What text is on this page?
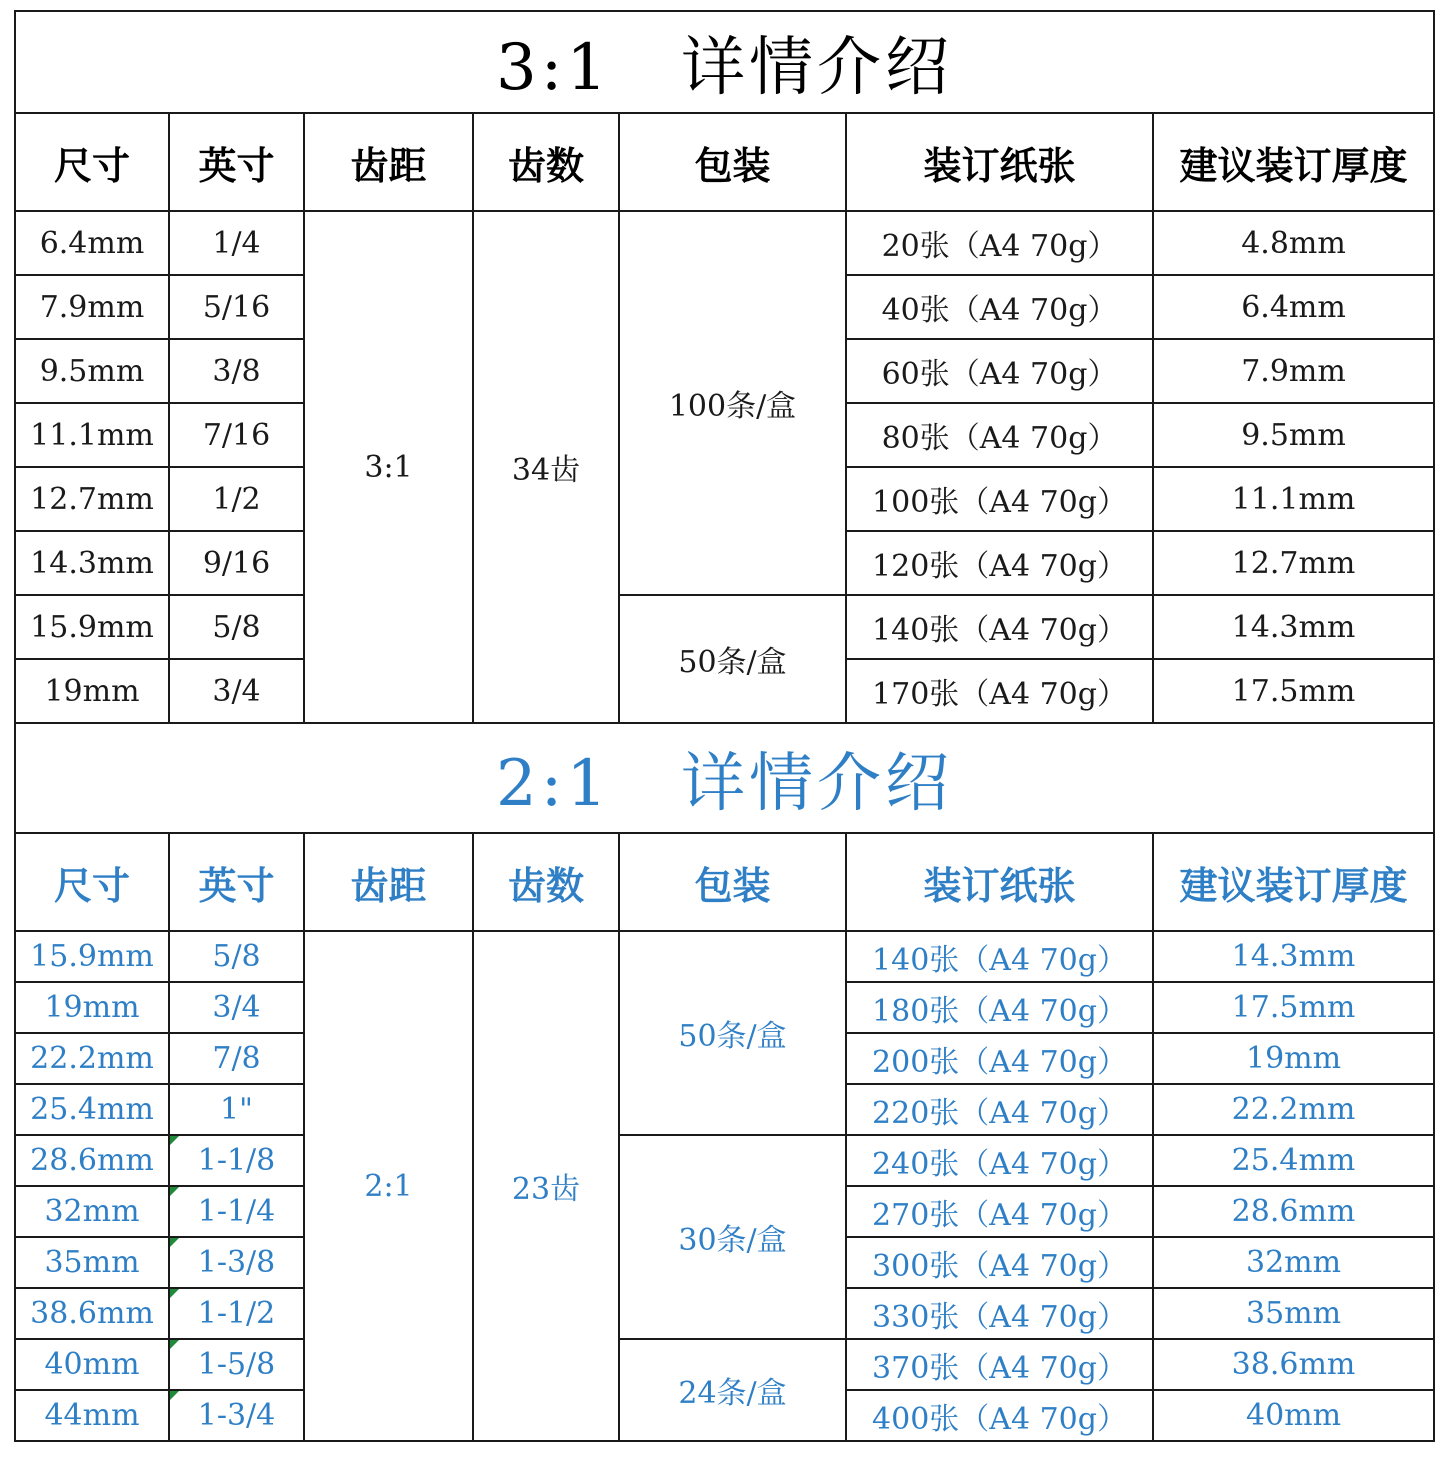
3:1 详情介绍						
尺寸	英寸	齿距	齿数	包装	装订纸张	建议装订厚度
6.4mm	1/4	3:1	34齿	100条/盒	20张（A4 70g）	4.8mm
7.9mm	5/16				40张（A4 70g）	6.4mm
9.5mm	3/8				60张（A4 70g）	7.9mm
11.1mm	7/16				80张（A4 70g）	9.5mm
12.7mm	1/2				100张（A4 70g）	11.1mm
14.3mm	9/16				120张（A4 70g）	12.7mm
15.9mm	5/8			50条/盒	140张（A4 70g）	14.3mm
19mm	3/4				170张（A4 70g）	17.5mm
2:1 详情介绍						
尺寸	英寸	齿距	齿数	包装	装订纸张	建议装订厚度
15.9mm	5/8	2:1	23齿	50条/盒	140张（A4 70g）	14.3mm
19mm	3/4				180张（A4 70g）	17.5mm
22.2mm	7/8				200张（A4 70g）	19mm
25.4mm	1"				220张（A4 70g）	22.2mm
28.6mm	1-1/8			30条/盒	240张（A4 70g）	25.4mm
32mm	1-1/4				270张（A4 70g）	28.6mm
35mm	1-3/8				300张（A4 70g）	32mm
38.6mm	1-1/2				330张（A4 70g）	35mm
40mm	1-5/8			24条/盒	370张（A4 70g）	38.6mm
44mm	1-3/4				400张（A4 70g）	40mm
